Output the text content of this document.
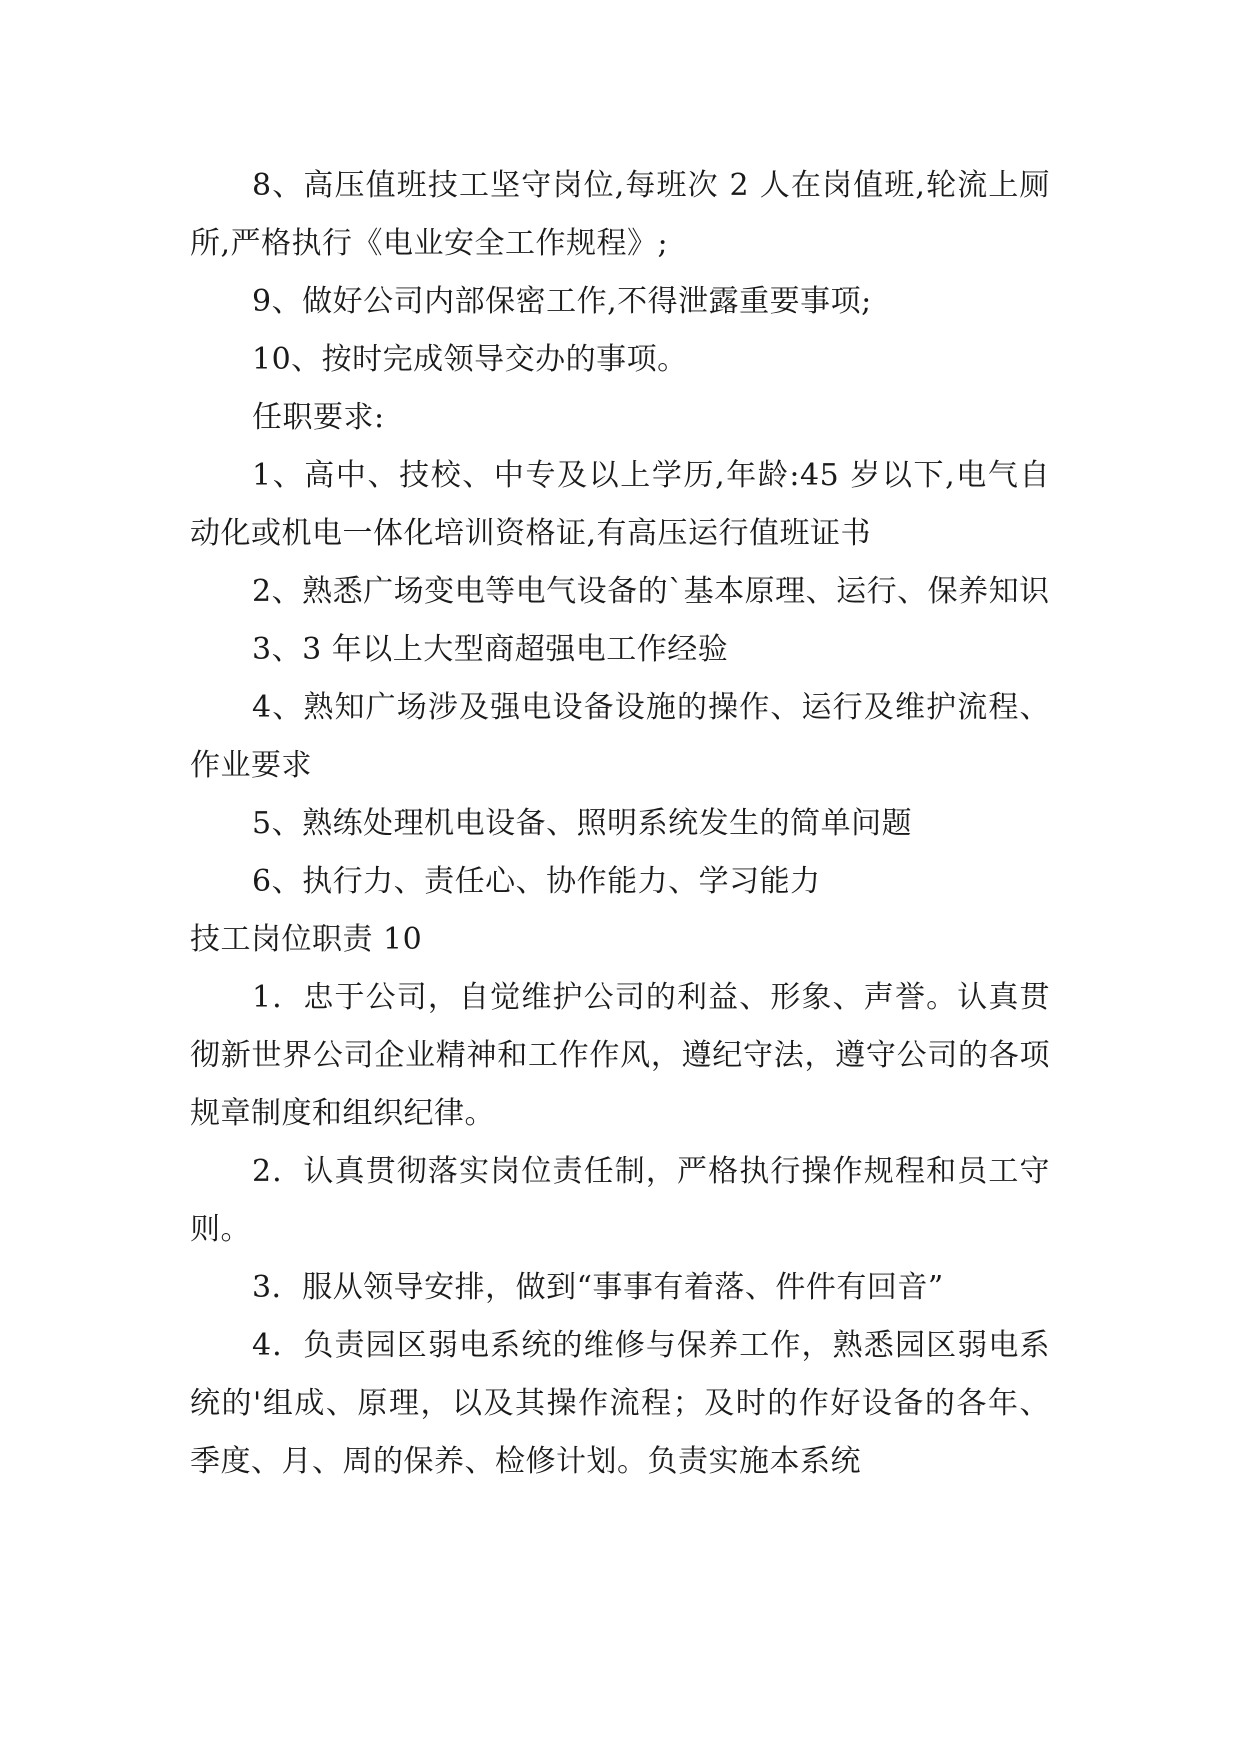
8、高压值班技工坚守岗位,每班次 2 人在岗值班,轮流上厕所,严格执行《电业安全工作规程》;

9、做好公司内部保密工作,不得泄露重要事项;

10、按时完成领导交办的事项。

任职要求:

1、高中、技校、中专及以上学历,年龄:45 岁以下,电气自动化或机电一体化培训资格证,有高压运行值班证书

2、熟悉广场变电等电气设备的`基本原理、运行、保养知识

3、3 年以上大型商超强电工作经验

4、熟知广场涉及强电设备设施的操作、运行及维护流程、作业要求

5、熟练处理机电设备、照明系统发生的简单问题

6、执行力、责任心、协作能力、学习能力

技工岗位职责 10

1．忠于公司，自觉维护公司的利益、形象、声誉。认真贯彻新世界公司企业精神和工作作风，遵纪守法，遵守公司的各项规章制度和组织纪律。

2．认真贯彻落实岗位责任制，严格执行操作规程和员工守则。

3．服从领导安排，做到“事事有着落、件件有回音”

4．负责园区弱电系统的维修与保养工作，熟悉园区弱电系统的'组成、原理，以及其操作流程；及时的作好设备的各年、季度、月、周的保养、检修计划。负责实施本系统
